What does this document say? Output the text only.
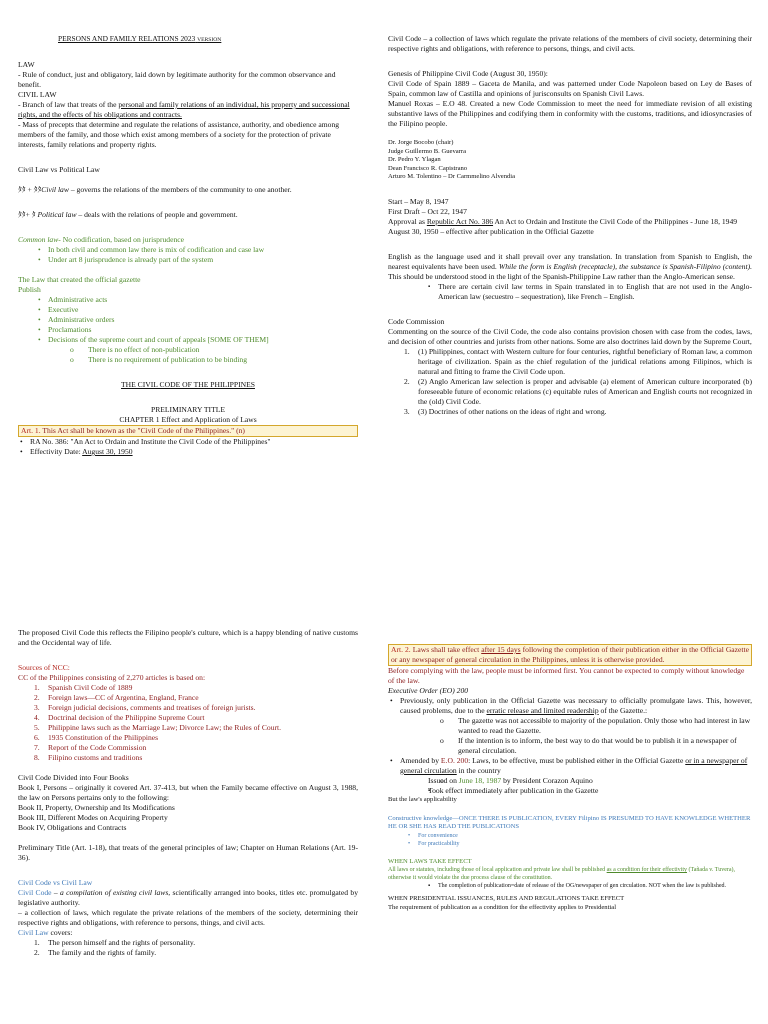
PERSONS AND FAMILY RELATIONS 2023 VERSION

LAW

- Rule of conduct, just and obligatory, laid down by legitimate authority for the common observance and benefit.

CIVIL LAW

- Branch of law that treats of the personal and family relations of an individual, his property and successional rights, and the effects of his obligations and contracts.

- Mass of precepts that determine and regulate the relations of assistance, authority, and obedience among members of the family, and those which exist among members of a society for the protection of private interests, family relations and property rights.

Civil Law vs Political Law

ﾀﾀ + ﾀﾀCivil law – governs the relations of the members of the community to one another.

ﾀﾀ+ ﾀ Political law – deals with the relations of people and government.

Common law- No codification, based on jurisprudence

• In both civil and common law there is mix of codification and case law
• Under art 8 jurisprudence is already part of the system

The Law that created the official gazette

Publish

• Administrative acts
• Executive
• Administrative orders
• Proclamations
• Decisions of the supreme court and court of appeals [SOME OF THEM]
o There is no effect of non-publication
o There is no requirement of publication to be binding

THE CIVIL CODE OF THE PHILIPPINES

PRELIMINARY TITLE

CHAPTER 1 Effect and Application of Laws

Art. 1. This Act shall be known as the "Civil Code of the Philippines." (n)

• RA No. 386: "An Act to Ordain and Institute the Civil Code of the Philippines"
• Effectivity Date: August 30, 1950

Civil Code – a collection of laws which regulate the private relations of the members of civil society, determining their respective rights and obligations, with reference to persons, things, and civil acts.

Genesis of Philippine Civil Code (August 30, 1950):

Civil Code of Spain 1889 – Gaceta de Manila, and was patterned under Code Napoleon based on Ley de Bases of Spain, common law of Castilla and opinions of jurisconsults on Spanish Civil Laws.

Manuel Roxas – E.O 48. Created a new Code Commission to meet the need for immediate revision of all existing substantive laws of the Philippines and codifying them in conformity with the customs, traditions, and idiosyncrasies of the Filipino people.

Dr. Jorge Bocobo (chair)

Judge Guillermo B. Guevarra

Dr. Pedro Y. Ylagan

Dean Francisco R. Capistrano

Arturo M. Tolentino – Dr Carmmelino Alvendia

Start – May 8, 1947

First Draft – Oct 22, 1947

Approval as Republic Act No. 386 An Act to Ordain and Institute the Civil Code of the Philippines - June 18, 1949

August 30, 1950 – effective after publication in the Official Gazette

English as the language used and it shall prevail over any translation. In translation from Spanish to English, the nearest equivalents have been used. While the form is English (receptacle), the substance is Spanish-Filipino (content). This should be understood stood in the light of the Spanish-Philippine Law rather than the Anglo-American sense.

▪ There are certain civil law terms in Spain translated in to English that are not used in the Anglo-American law (secuestro – sequestration), like French – English.

Code Commission

Commenting on the source of the Civil Code, the code also contains provision chosen with case from the codes, laws, and decision of other countries and jurists from other nations. Some are also doctrines laid down by the Supreme Court,

1. (1) Philippines, contact with Western culture for four centuries, rightful beneficiary of Roman law, a common heritage of civilization. Spain as the chief regulation of the juridical relations among Filipinos, which is natural and fitting to frame the Civil Code upon.
2. (2) Anglo American law selection is proper and advisable (a) element of American culture incorporated (b) foreseeable future of economic relations (c) equitable rules of American and English courts not recognized in the (old) Civil Code.
3. (3) Doctrines of other nations on the ideas of right and wrong.

The proposed Civil Code this reflects the Filipino people's culture, which is a happy blending of native customs and the Occidental way of life.

Sources of NCC:

CC of the Philippines consisting of 2,270 articles is based on:

1. Spanish Civil Code of 1889
2. Foreign laws—CC of Argentina, England, France
3. Foreign judicial decisions, comments and treatises of foreign jurists.
4. Doctrinal decision of the Philippine Supreme Court
5. Philippine laws such as the Marriage Law; Divorce Law; the Rules of Court.
6. 1935 Constitution of the Philippines
7. Report of the Code Commission
8. Filipino customs and traditions

Civil Code Divided into Four Books

Book I, Persons – originally it covered Art. 37-413, but when the Family became effective on August 3, 1988, the law on Persons pertains only to the following:

Book II, Property, Ownership and Its Modifications

Book III, Different Modes on Acquiring Property

Book IV, Obligations and Contracts

Preliminary Title (Art. 1-18), that treats of the general principles of law; Chapter on Human Relations (Art. 19- 36).

Civil Code vs Civil Law

Civil Code – a compilation of existing civil laws, scientifically arranged into books, titles etc. promulgated by legislative authority.

– a collection of laws, which regulate the private relations of the members of the society, determining their respective rights and obligations, with reference to persons, things, and civil acts.

Civil Law covers:

1. The person himself and the rights of personality.
2. The family and the rights of family.

Art. 2. Laws shall take effect after 15 days following the completion of their publication either in the Official Gazette or any newspaper of general circulation in the Philippines, unless it is otherwise provided.

Before complying with the law, people must be informed first. You cannot be expected to comply without knowledge of the law.

Executive Order (EO) 200

• Previously, only publication in the Official Gazette was necessary to officially promulgate laws. This, however, caused problems, due to the erratic release and limited readership of the Gazette.:
o The gazette was not accessible to majority of the population. Only those who had interest in law wanted to read the Gazette.
o If the intention is to inform, the best way to do that would be to publish it in a newspaper of general circulation.
• Amended by E.O. 200: Laws, to be effective, must be published either in the Official Gazette or in a newspaper of general circulation in the country
o Issued on June 18, 1987 by President Corazon Aquino
▪ Took effect immediately after publication in the Gazette

But the law's applicability

Constructive knowledge—ONCE THERE IS PUBLICATION, EVERY Filipino IS PRESUMED TO HAVE KNOWLEDGE WHETHER HE OR SHE HAS READ THE PUBLICATIONS

• For convenience
• For practicability

WHEN LAWS TAKE EFFECT

All laws or statutes, including those of local application and private law shall be published as a condition for their effectivity (Tañada v. Tuvera), otherwise it would violate the due process clause of the constitution.

▪ The completion of publication=date of release of the OG/newspaper of gen circulation. NOT when the law is published.

WHEN PRESIDENTIAL ISSUANCES, RULES AND REGULATIONS TAKE EFFECT

The requirement of publication as a condition for the effectivity applies to Presidential
